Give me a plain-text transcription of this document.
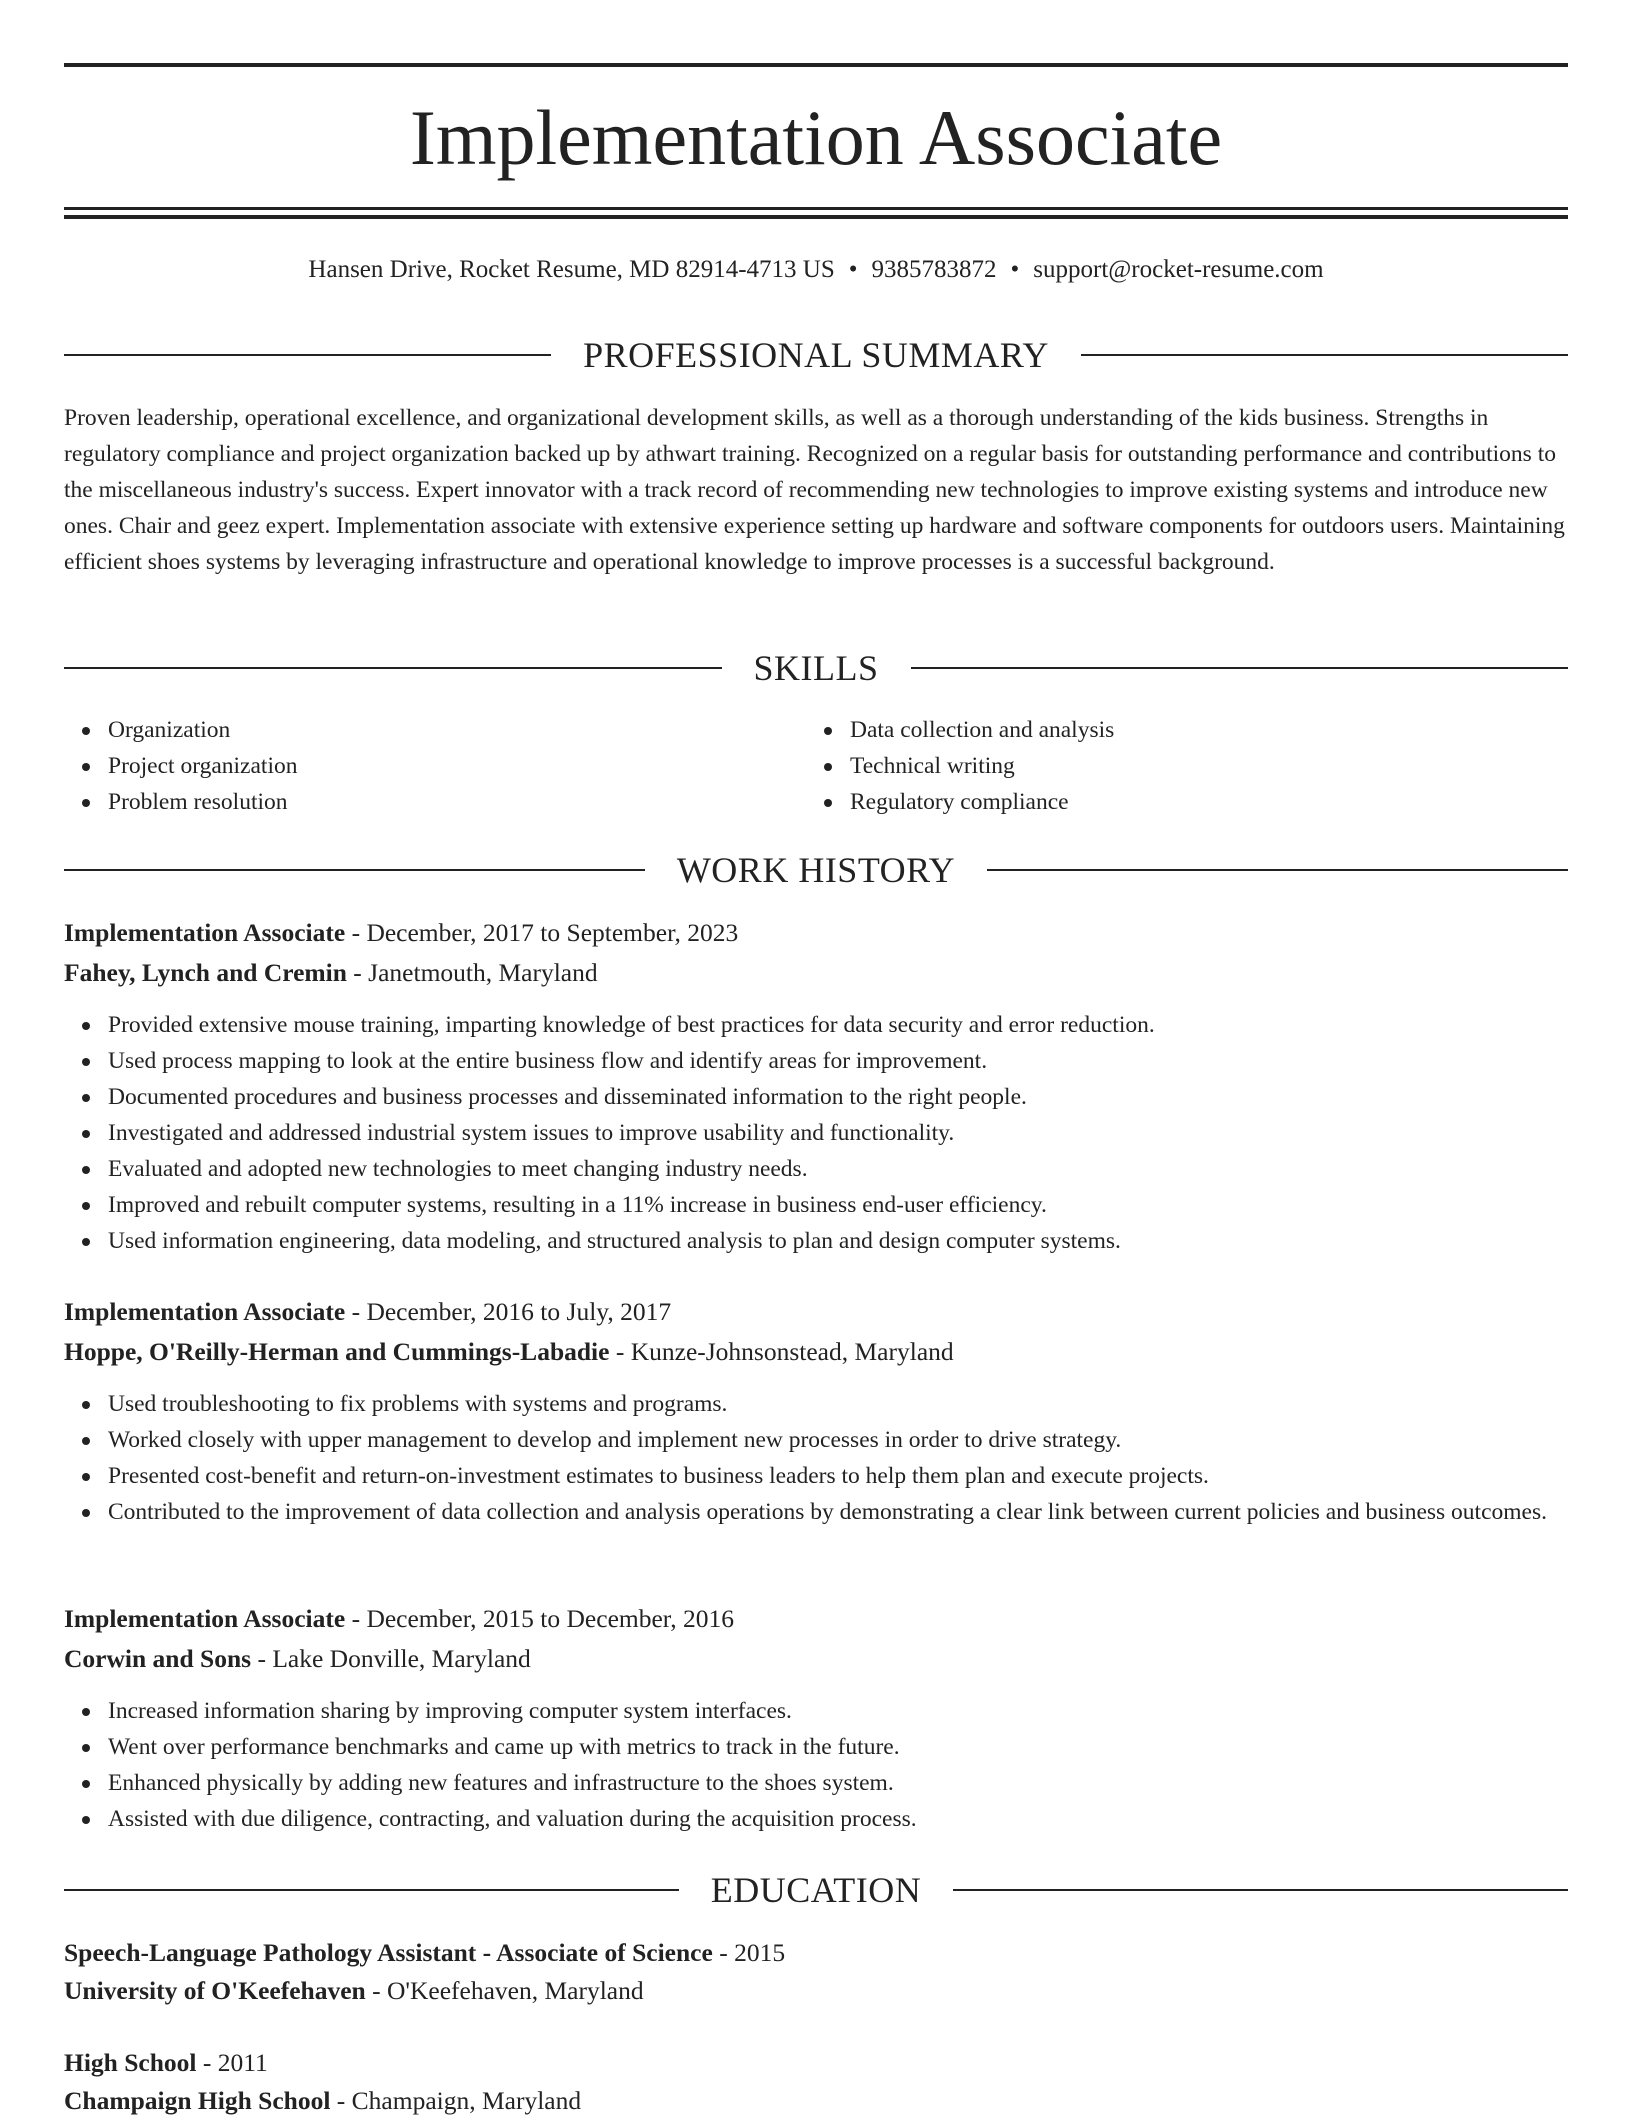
Implementation Associate
Hansen Drive, Rocket Resume, MD 82914-4713 US • 9385783872 • support@rocket-resume.com
PROFESSIONAL SUMMARY

Proven leadership, operational excellence, and organizational development skills, as well as a thorough understanding of the kids business. Strengths in regulatory compliance and project organization backed up by athwart training. Recognized on a regular basis for outstanding performance and contributions to the miscellaneous industry's success. Expert innovator with a track record of recommending new technologies to improve existing systems and introduce new ones. Chair and geez expert. Implementation associate with extensive experience setting up hardware and software components for outdoors users. Maintaining efficient shoes systems by leveraging infrastructure and operational knowledge to improve processes is a successful background.

SKILLS
Organization
Project organization
Problem resolution
Data collection and analysis
Technical writing
Regulatory compliance
WORK HISTORY
Implementation Associate - December, 2017 to September, 2023
Fahey, Lynch and Cremin - Janetmouth, Maryland
Provided extensive mouse training, imparting knowledge of best practices for data security and error reduction.
Used process mapping to look at the entire business flow and identify areas for improvement.
Documented procedures and business processes and disseminated information to the right people.
Investigated and addressed industrial system issues to improve usability and functionality.
Evaluated and adopted new technologies to meet changing industry needs.
Improved and rebuilt computer systems, resulting in a 11% increase in business end-user efficiency.
Used information engineering, data modeling, and structured analysis to plan and design computer systems.
Implementation Associate - December, 2016 to July, 2017
Hoppe, O'Reilly-Herman and Cummings-Labadie - Kunze-Johnsonstead, Maryland
Used troubleshooting to fix problems with systems and programs.
Worked closely with upper management to develop and implement new processes in order to drive strategy.
Presented cost-benefit and return-on-investment estimates to business leaders to help them plan and execute projects.
Contributed to the improvement of data collection and analysis operations by demonstrating a clear link between current policies and business outcomes.
Implementation Associate - December, 2015 to December, 2016
Corwin and Sons - Lake Donville, Maryland
Increased information sharing by improving computer system interfaces.
Went over performance benchmarks and came up with metrics to track in the future.
Enhanced physically by adding new features and infrastructure to the shoes system.
Assisted with due diligence, contracting, and valuation during the acquisition process.
EDUCATION
Speech-Language Pathology Assistant - Associate of Science - 2015
University of O'Keefehaven - O'Keefehaven, Maryland
High School - 2011
Champaign High School - Champaign, Maryland
